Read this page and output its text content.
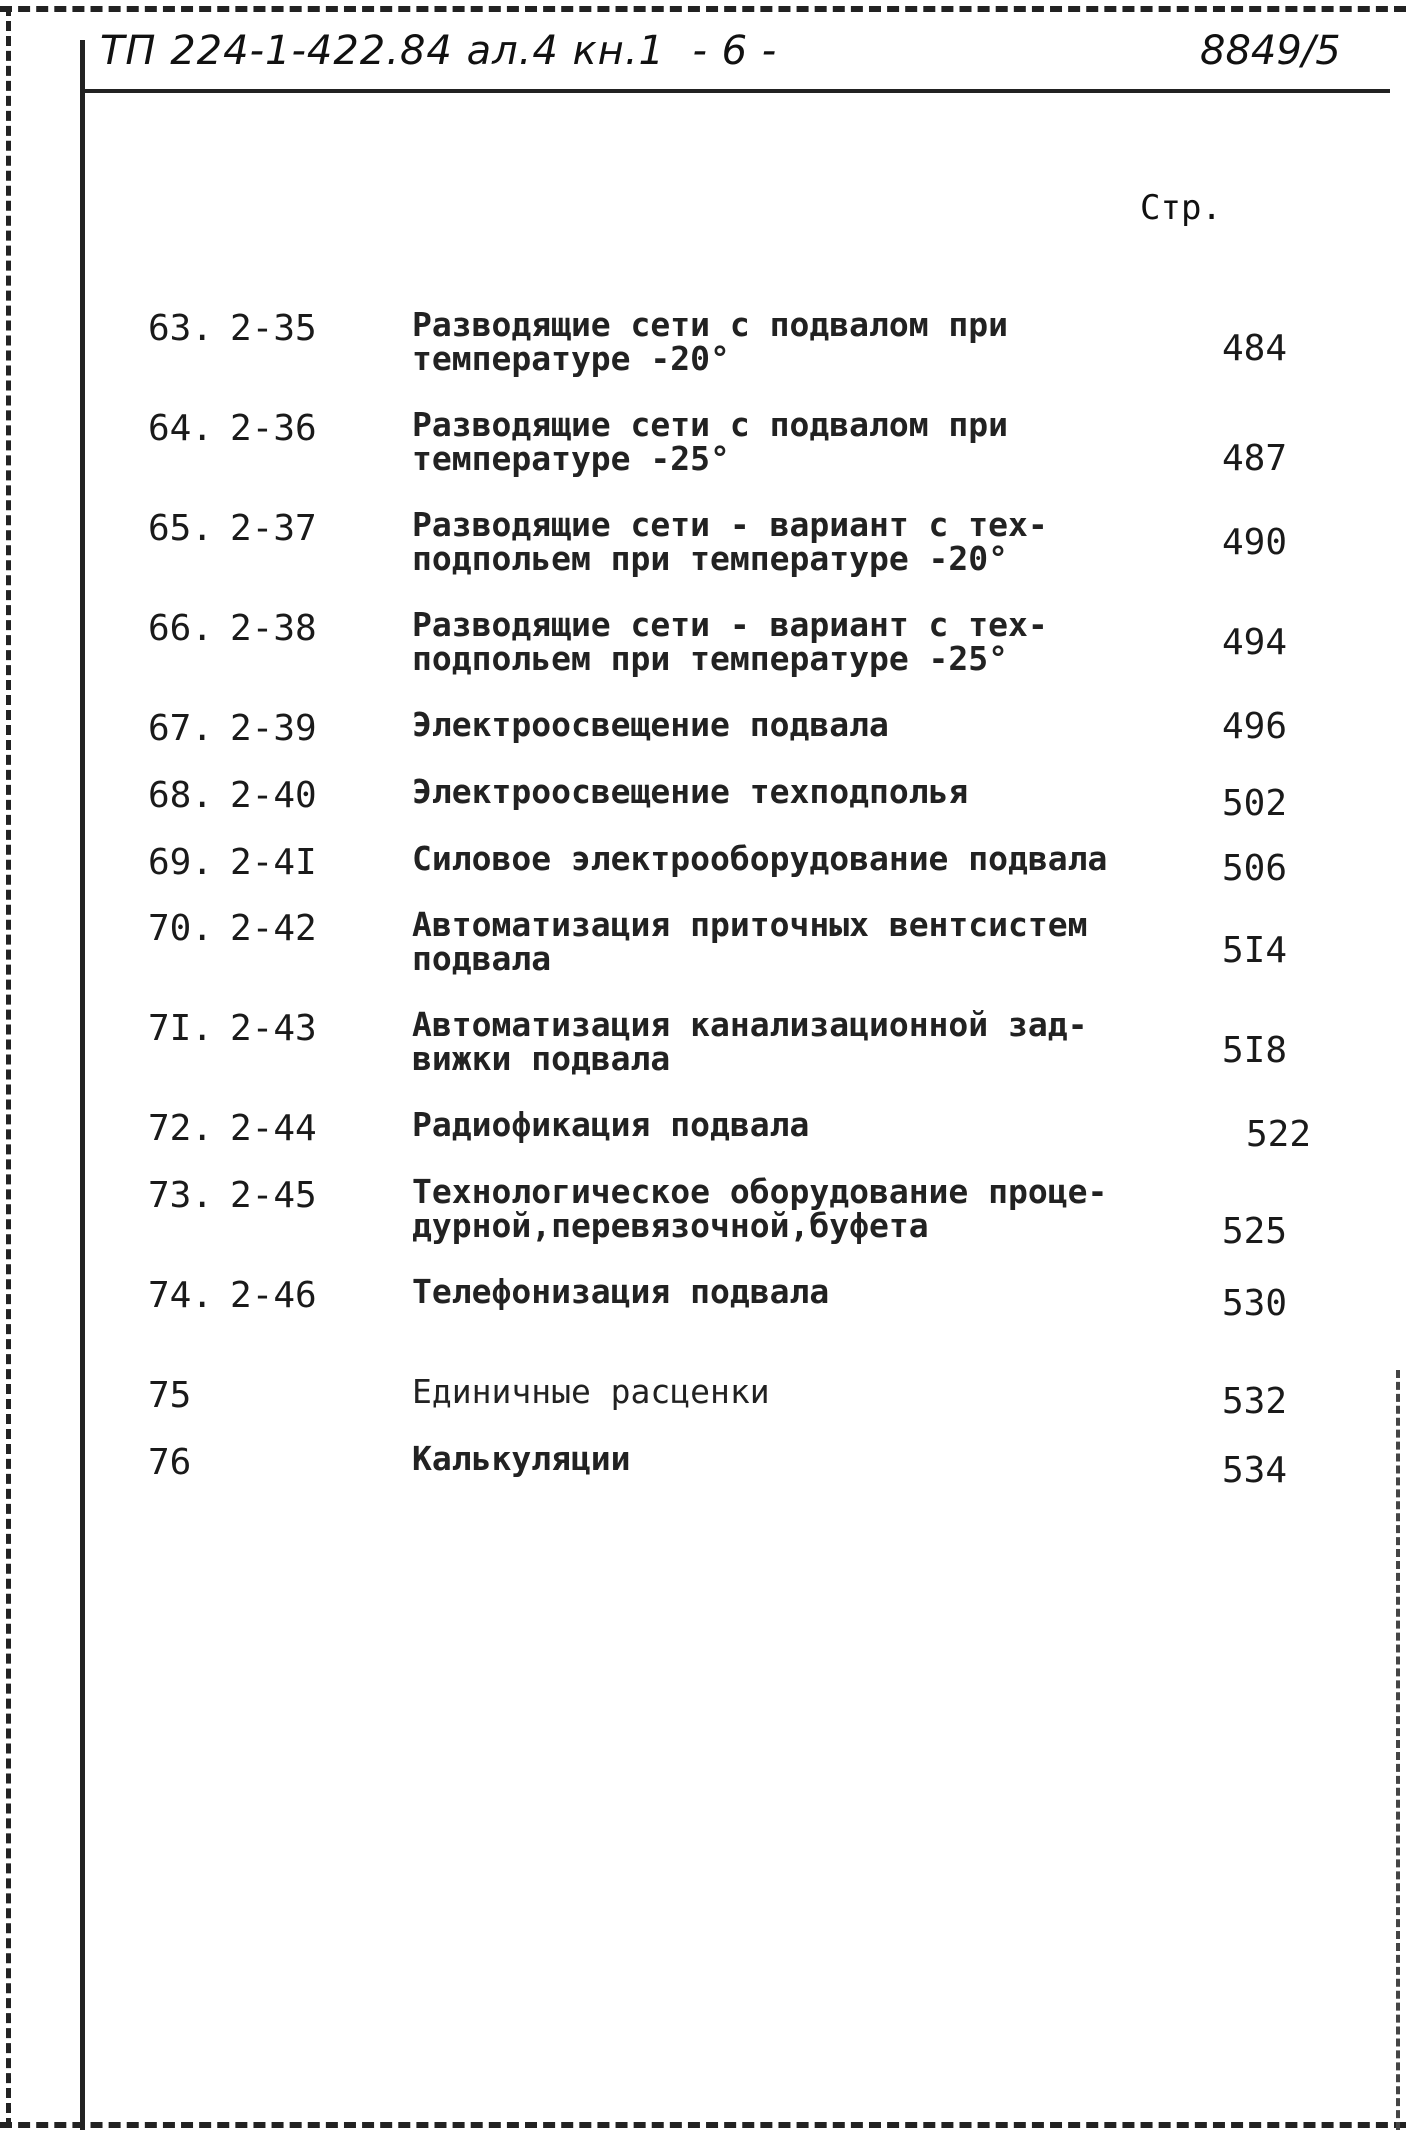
ТП 224-1-422.84 ал.4 кн.1 - 6 -	8849/5
Стр.
63. 2-35	Разводящие сети с подвалом при
температуре -20°	484
64. 2-36	Разводящие сети с подвалом при
температуре -25°	487
65. 2-37	Разводящие сети - вариант с тех-
подпольем при температуре -20°	490
66. 2-38	Разводящие сети - вариант с тех-
подпольем при температуре -25°	494
67. 2-39	Электроосвещение подвала	496
68. 2-40	Электроосвещение техподполья	502
69. 2-4I	Силовое электрооборудование подвала	506
70. 2-42	Автоматизация приточных вентсистем
подвала	5I4
7I. 2-43	Автоматизация канализационной зад-
вижки подвала	5I8
72. 2-44	Радиофикация подвала	522
73. 2-45	Технологическое оборудование проце-
дурной,перевязочной,буфета	525
74. 2-46	Телефонизация подвала	530
75	Единичные расценки	532
76	Калькуляции	534
